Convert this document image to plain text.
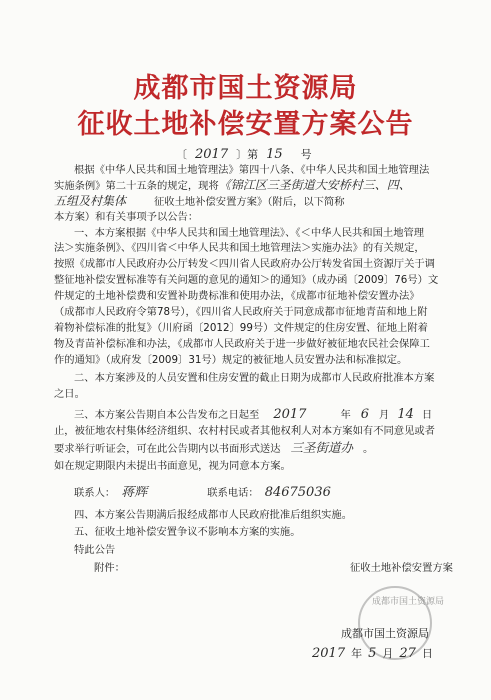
成都市国土资源局
征收土地补偿安置方案公告
〔 2017 〕第 15 号
根据《中华人民共和国土地管理法》第四十八条、《中华人民共和国土地管理法
实施条例》第二十五条的规定，现将《锦江区三圣街道大安桥村三、四、
五组及村集体	征收土地补偿安置方案》（附后，以下简称
本方案）和有关事项予以公告：
一、本方案根据《中华人民共和国土地管理法》、《＜中华人民共和国土地管理
法＞实施条例》、《四川省＜中华人民共和国土地管理法＞实施办法》的有关规定，
按照《成都市人民政府办公厅转发＜四川省人民政府办公厅转发省国土资源厅关于调
整征地补偿安置标准等有关问题的意见的通知＞的通知》（成办函〔2009〕76号）文
件规定的土地补偿费和安置补助费标准和使用办法，《成都市征地补偿安置办法》
（成都市人民政府令第78号），《四川省人民政府关于同意成都市征地青苗和地上附
着物补偿标准的批复》（川府函〔2012〕99号）文件规定的住房安置、征地上附着
物及青苗补偿标准和办法，《成都市人民政府关于进一步做好被征地农民社会保障工
作的通知》（成府发〔2009〕31号）规定的被征地人员安置办法和标准拟定。
二、本方案涉及的人员安置和住房安置的截止日期为成都市人民政府批准本方案
之日。
三、本方案公告期自本公告发布之日起至 2017	年 6 月 14 日
止，被征地农村集体经济组织、农村村民或者其他权利人对本方案如有不同意见或者
要求举行听证会，可在此公告期内以书面形式送达 三圣街道办 。
如在规定期限内未提出书面意见，视为同意本方案。
联系人： 蒋辉	联系电话： 84675036
四、本方案公告期满后报经成都市人民政府批准后组织实施。
五、征收土地补偿安置争议不影响本方案的实施。
特此公告
附件：	征收土地补偿安置方案
成都市国土资源局
成都市国土资源局
2017 年 5 月 27 日
